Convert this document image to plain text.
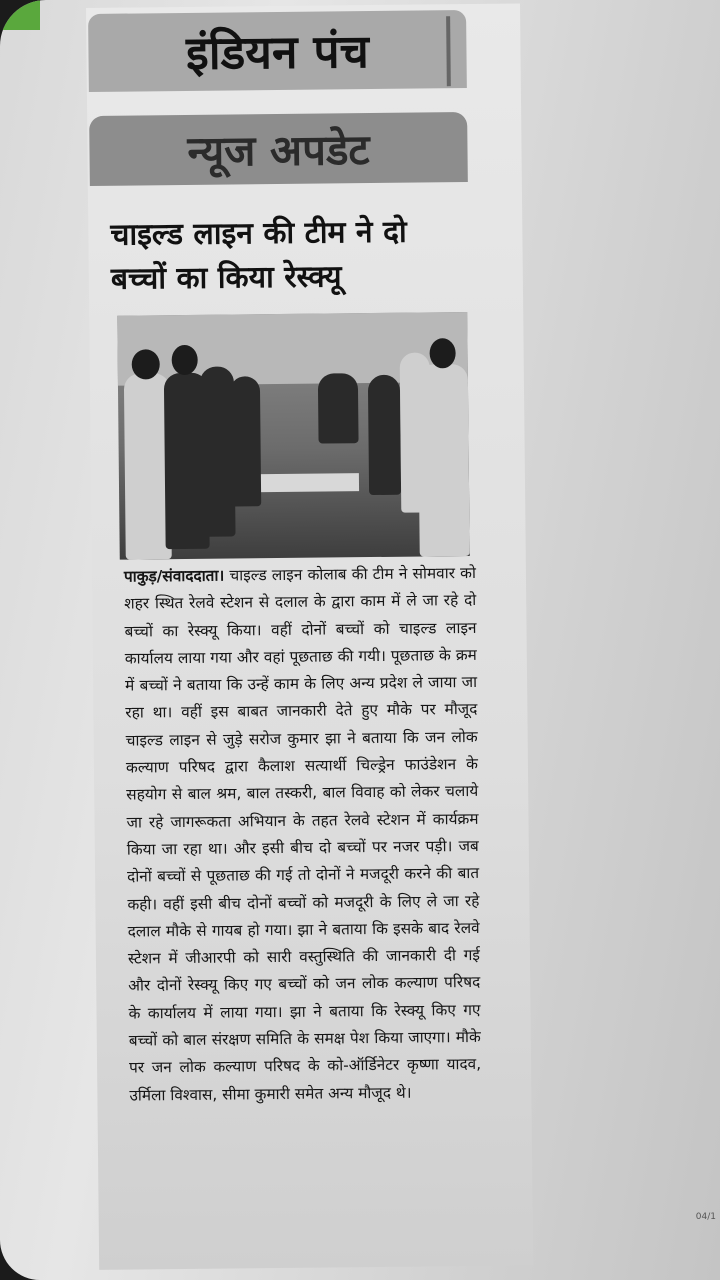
इंडियन पंच
न्यूज अपडेट
चाइल्ड लाइन की टीम ने दो बच्चों का किया रेस्क्यू
पाकुड़/संवाददाता। चाइल्ड लाइन कोलाब की टीम ने सोमवार को शहर स्थित रेलवे स्टेशन से दलाल के द्वारा काम में ले जा रहे दो बच्चों का रेस्क्यू किया। वहीं दोनों बच्चों को चाइल्ड लाइन कार्यालय लाया गया और वहां पूछताछ की गयी। पूछताछ के क्रम में बच्चों ने बताया कि उन्हें काम के लिए अन्य प्रदेश ले जाया जा रहा था। वहीं इस बाबत जानकारी देते हुए मौके पर मौजूद चाइल्ड लाइन से जुड़े सरोज कुमार झा ने बताया कि जन लोक कल्याण परिषद द्वारा कैलाश सत्यार्थी चिल्ड्रेन फाउंडेशन के सहयोग से बाल श्रम, बाल तस्करी, बाल विवाह को लेकर चलाये जा रहे जागरूकता अभियान के तहत रेलवे स्टेशन में कार्यक्रम किया जा रहा था। और इसी बीच दो बच्चों पर नजर पड़ी। जब दोनों बच्चों से पूछताछ की गई तो दोनों ने मजदूरी करने की बात कही। वहीं इसी बीच दोनों बच्चों को मजदूरी के लिए ले जा रहे दलाल मौके से गायब हो गया। झा ने बताया कि इसके बाद रेलवे स्टेशन में जीआरपी को सारी वस्तुस्थिति की जानकारी दी गई और दोनों रेस्क्यू किए गए बच्चों को जन लोक कल्याण परिषद के कार्यालय में लाया गया। झा ने बताया कि रेस्क्यू किए गए बच्चों को बाल संरक्षण समिति के समक्ष पेश किया जाएगा। मौके पर जन लोक कल्याण परिषद के को-ऑर्डिनेटर कृष्णा यादव, उर्मिला विश्वास, सीमा कुमारी समेत अन्य मौजूद थे।
04/1
